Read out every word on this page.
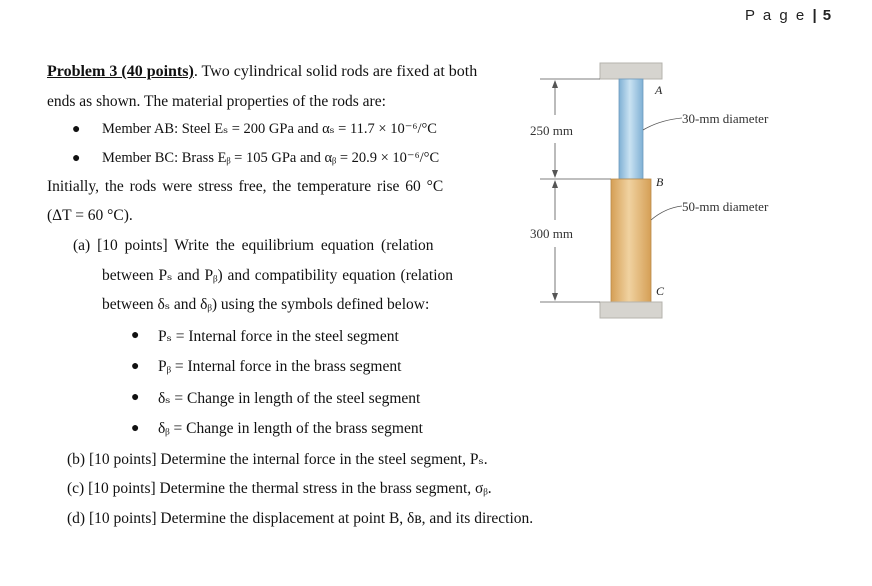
P a g e | 5
Problem 3 (40 points). Two cylindrical solid rods are fixed at both
ends as shown. The material properties of the rods are:
● Member AB: Steel Eₛ = 200 GPa and αₛ = 11.7 × 10⁻⁶/°C
● Member BC: Brass Eᵦ = 105 GPa and αᵦ = 20.9 × 10⁻⁶/°C
Initially, the rods were stress free, the temperature rise 60 °C
(ΔT = 60 °C).
(a) [10 points] Write the equilibrium equation (relation
between Pₛ and Pᵦ) and compatibility equation (relation
between δₛ and δᵦ) using the symbols defined below:
● Pₛ = Internal force in the steel segment
● Pᵦ = Internal force in the brass segment
● δₛ = Change in length of the steel segment
● δᵦ = Change in length of the brass segment
(b) [10 points] Determine the internal force in the steel segment, Pₛ.
(c) [10 points] Determine the thermal stress in the brass segment, σᵦ.
(d) [10 points] Determine the displacement at point B, δʙ, and its direction.
A
B
C
250 mm
300 mm
30-mm diameter
50-mm diameter
